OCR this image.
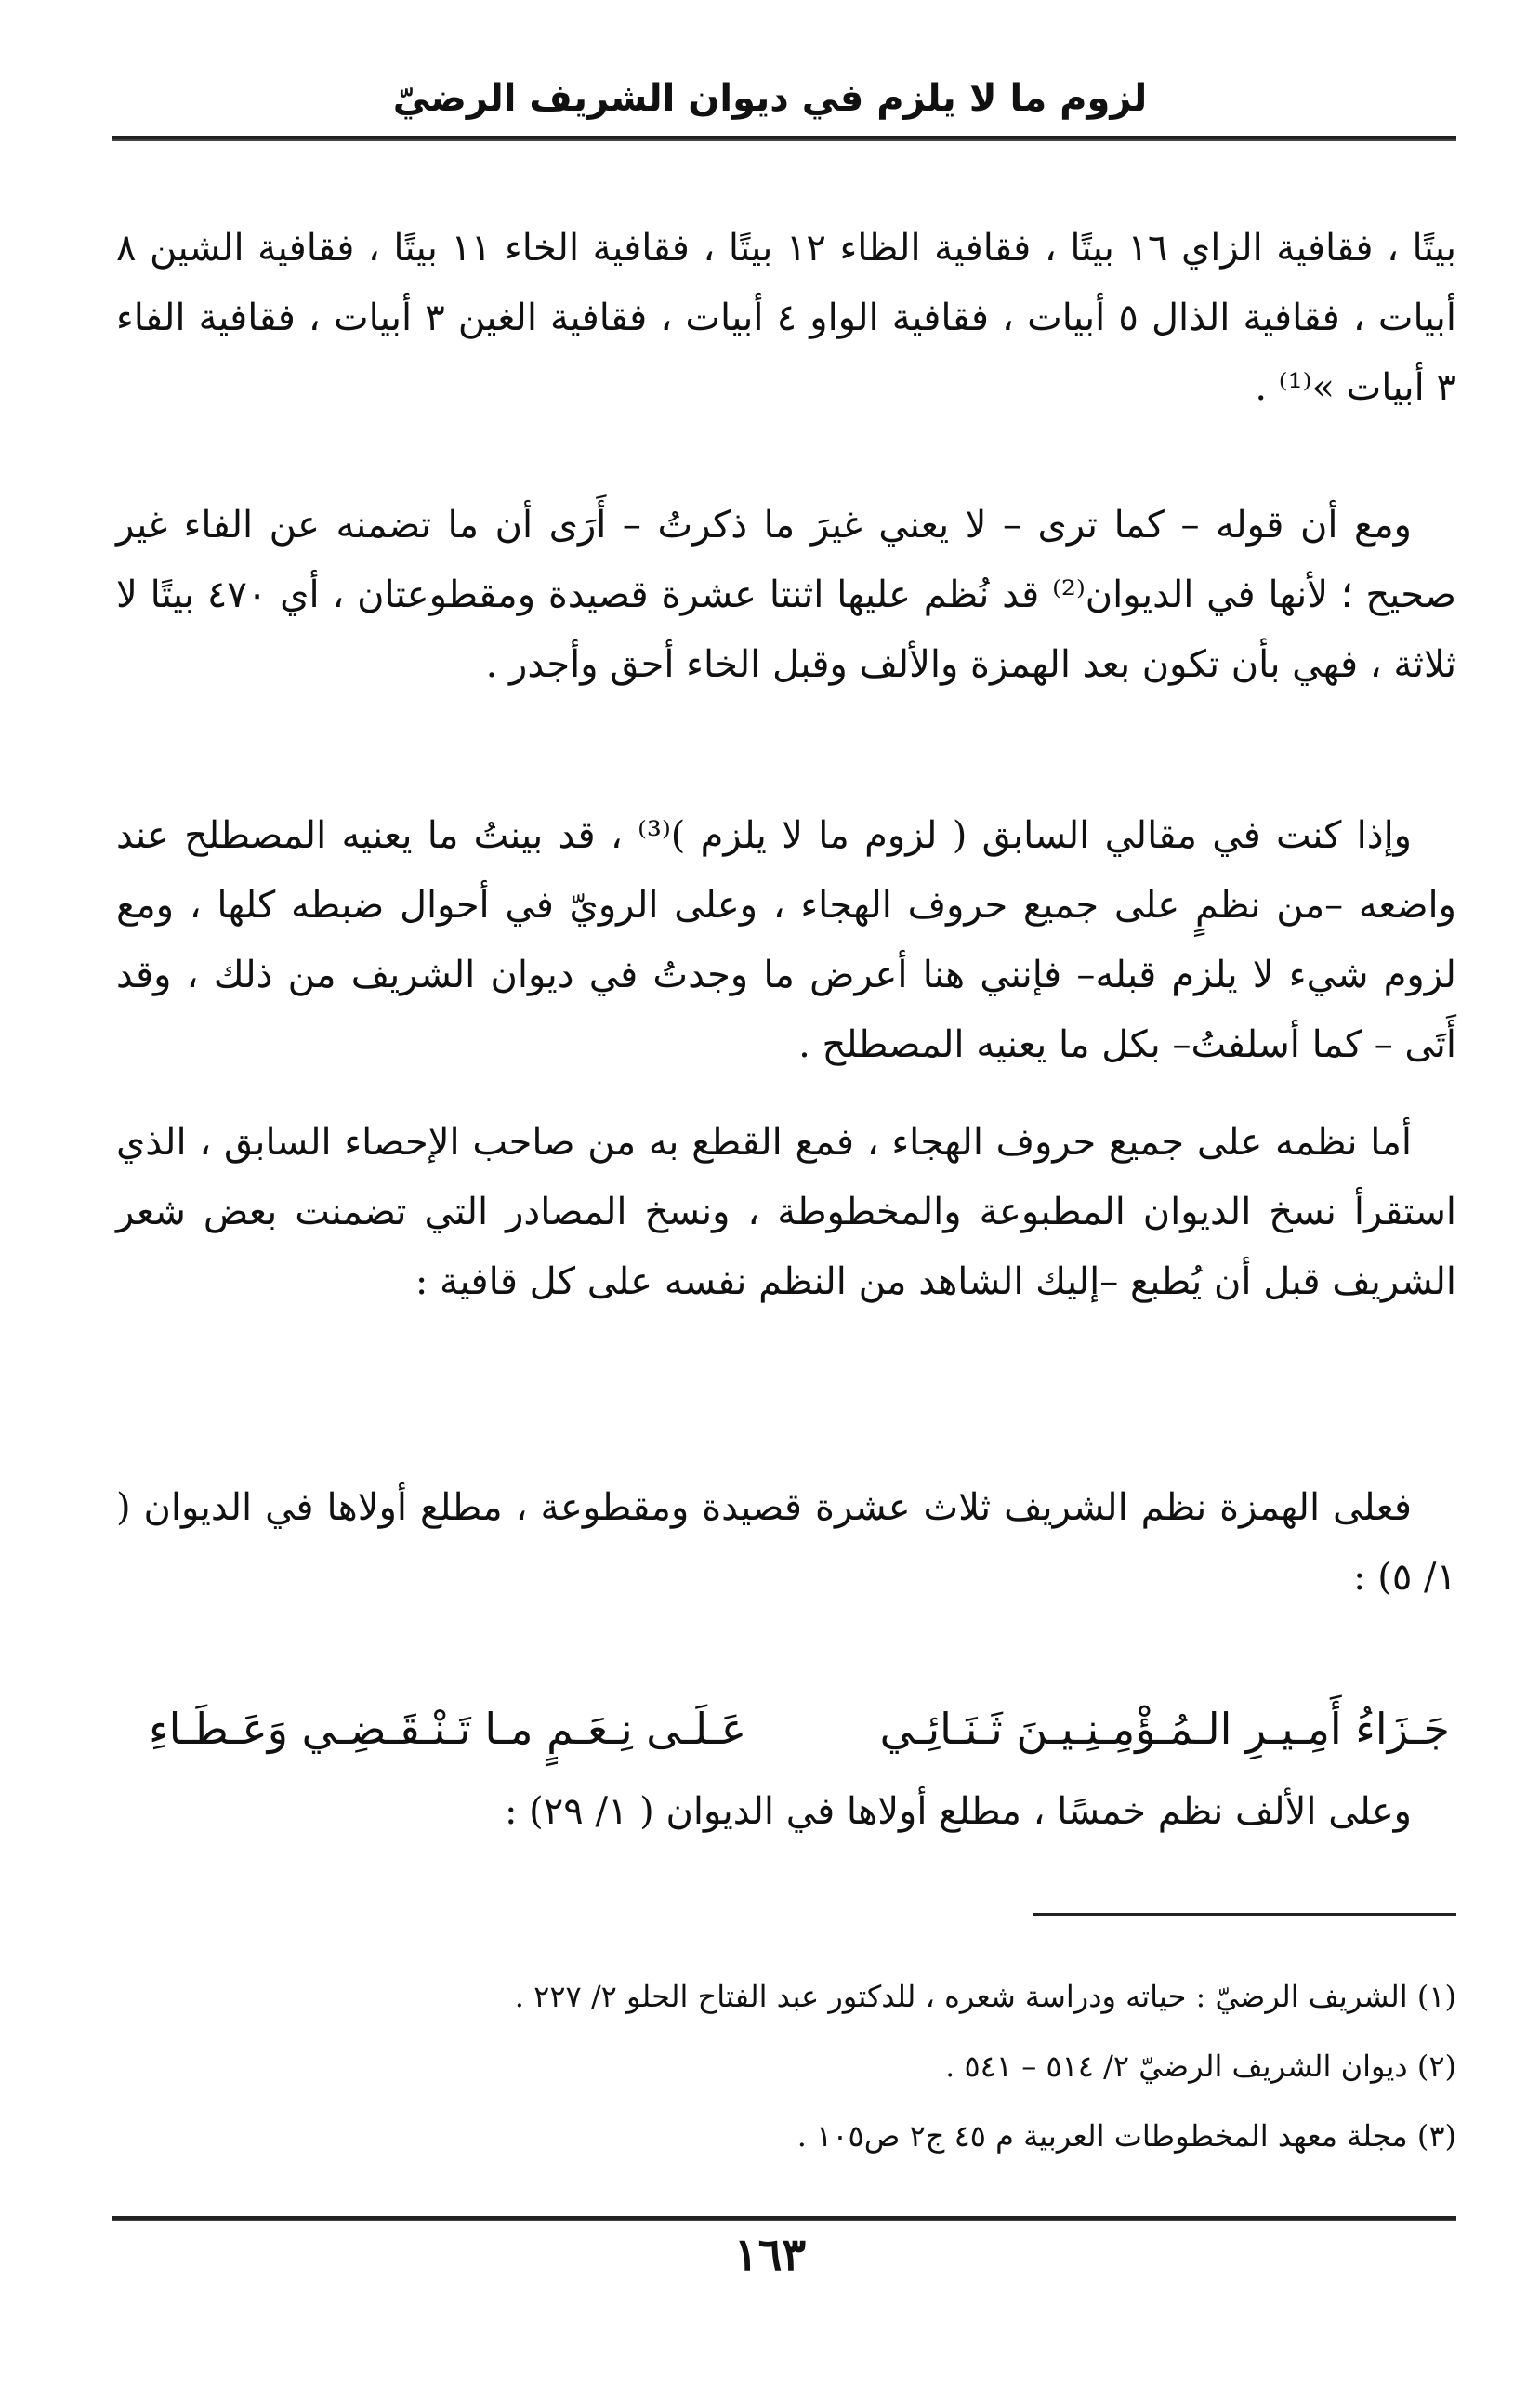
لزوم ما لا يلزم في ديوان الشريف الرضيّ

بيتًا ، فقافية الزاي ١٦ بيتًا ، فقافية الظاء ١٢ بيتًا ، فقافية الخاء ١١ بيتًا ، فقافية الشين ٨ أبيات ، فقافية الذال ٥ أبيات ، فقافية الواو ٤ أبيات ، فقافية الغين ٣ أبيات ، فقافية الفاء ٣ أبيات »⁽¹⁾ .

ومع أن قوله – كما ترى – لا يعني غيرَ ما ذكرتُ – أَرَى أن ما تضمنه عن الفاء غير صحيح ؛ لأنها في الديوان⁽²⁾ قد نُظم عليها اثنتا عشرة قصيدة ومقطوعتان ، أي ٤٧٠ بيتًا لا ثلاثة ، فهي بأن تكون بعد الهمزة والألف وقبل الخاء أحق وأجدر .

وإذا كنت في مقالي السابق ( لزوم ما لا يلزم )⁽³⁾ ، قد بينتُ ما يعنيه المصطلح عند واضعه –من نظمٍ على جميع حروف الهجاء ، وعلى الرويّ في أحوال ضبطه كلها ، ومع لزوم شيء لا يلزم قبله– فإنني هنا أعرض ما وجدتُ في ديوان الشريف من ذلك ، وقد أَتَى – كما أسلفتُ– بكل ما يعنيه المصطلح .

أما نظمه على جميع حروف الهجاء ، فمع القطع به من صاحب الإحصاء السابق ، الذي استقرأ نسخ الديوان المطبوعة والمخطوطة ، ونسخ المصادر التي تضمنت بعض شعر الشريف قبل أن يُطبع –إليك الشاهد من النظم نفسه على كل قافية :

فعلى الهمزة نظم الشريف ثلاث عشرة قصيدة ومقطوعة ، مطلع أولاها في الديوان ( ١/ ٥) :

جَـزَاءُ أَمِـيـرِ الـمُـؤْمِـنِـيـنَ ثَـنَـائِـي
عَـلَـى نِـعَـمٍ مـا تَـنْـقَـضِـي وَعَـطَـاءِ

وعلى الألف نظم خمسًا ، مطلع أولاها في الديوان ( ١/ ٢٩) :

(١) الشريف الرضيّ : حياته ودراسة شعره ، للدكتور عبد الفتاح الحلو ٢/ ٢٢٧ .

(٢) ديوان الشريف الرضيّ ٢/ ٥١٤ – ٥٤١ .

(٣) مجلة معهد المخطوطات العربية م ٤٥ ج٢ ص١٠٥ .

١٦٣
